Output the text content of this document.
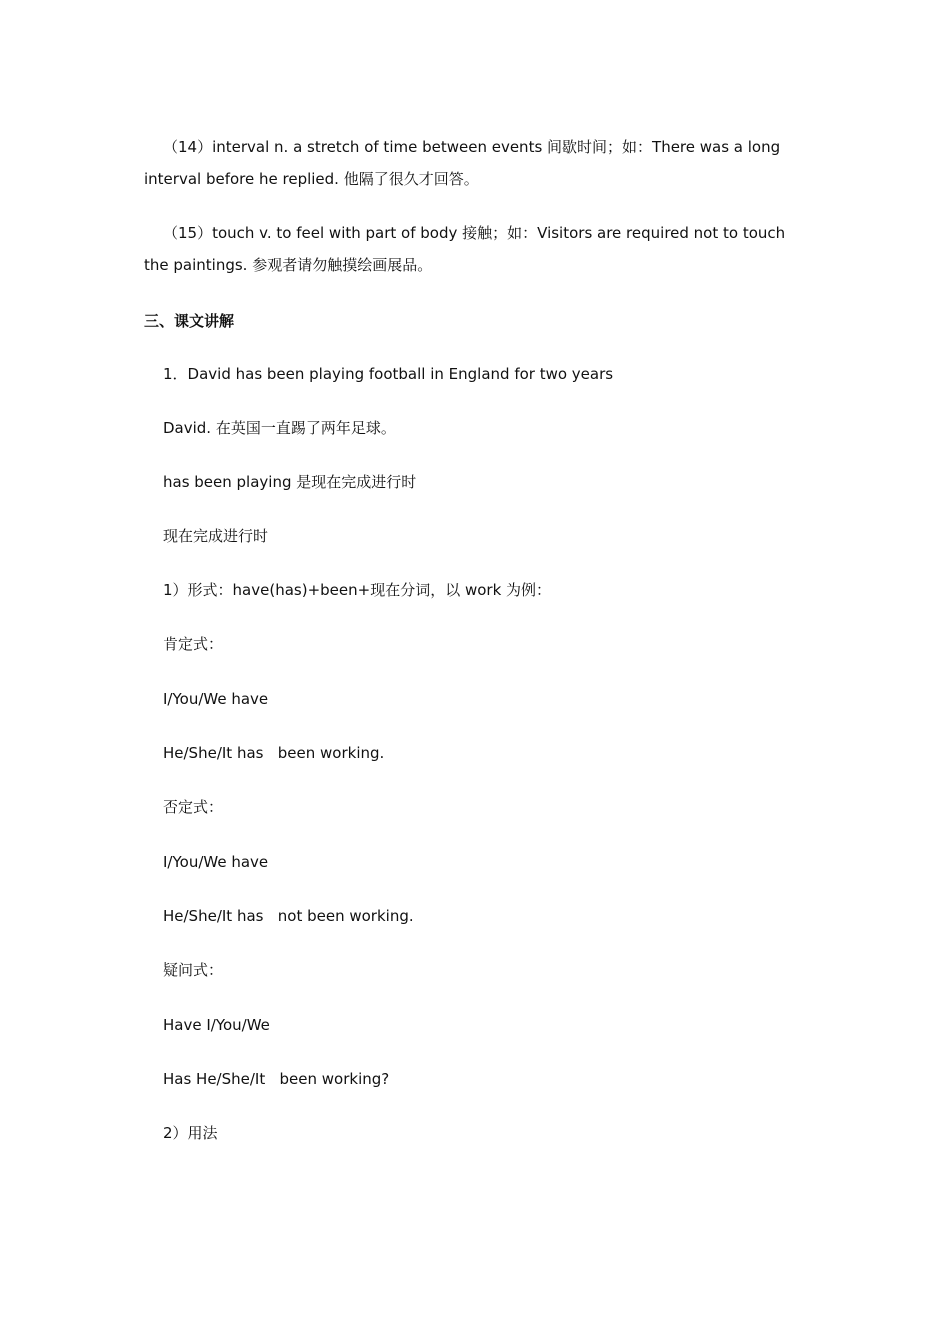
（14）interval n. a stretch of time between events 间歇时间；如：There was a long
interval before he replied. 他隔了很久才回答。
（15）touch v. to feel with part of body 接触；如：Visitors are required not to touch
the paintings. 参观者请勿触摸绘画展品。
三、课文讲解
1．David has been playing football in England for two years
David. 在英国一直踢了两年足球。
has been playing 是现在完成进行时
现在完成进行时
1）形式：have(has)+been+现在分词，以 work 为例：
肯定式：
I/You/We have
He/She/It has   been working.
否定式：
I/You/We have
He/She/It has   not been working.
疑问式：
Have I/You/We
Has He/She/It   been working?
2）用法
